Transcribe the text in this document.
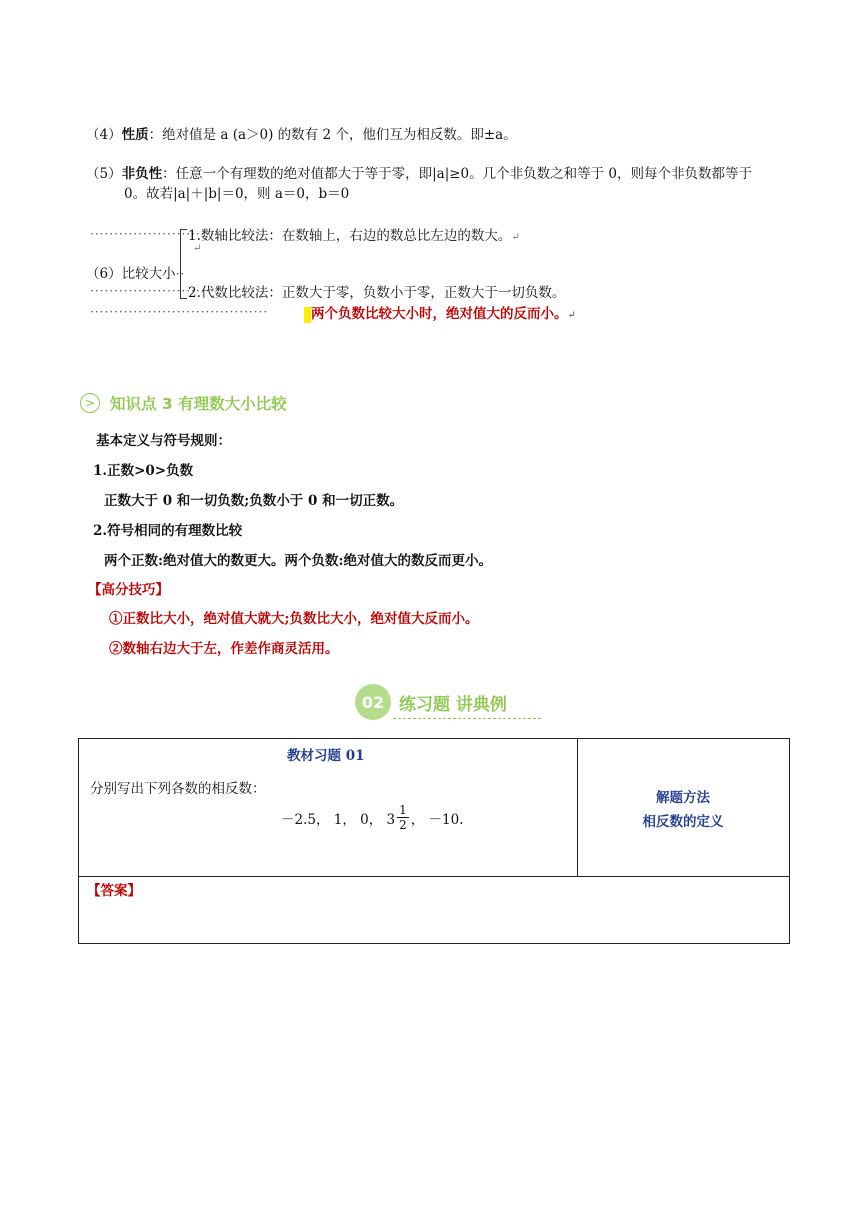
（4）性质：绝对值是 a (a＞0) 的数有 2 个，他们互为相反数。即±a。
（5）非负性：任意一个有理数的绝对值都大于等于零，即|a|≥0。几个非负数之和等于 0，则每个非负数都等于
0。故若|a|＋|b|＝0，则 a＝0，b＝0
··························
1.数轴比较法：在数轴上，右边的数总比左边的数大。↵
↵
（6）比较大小··
··························
2.代数比较法：正数大于零，负数小于零，正数大于一切负数。
·····································	两个负数比较大小时，绝对值大的反而小。↵
> 知识点 3 有理数大小比较
基本定义与符号规则：
1.正数>0>负数
正数大于 0 和一切负数;负数小于 0 和一切正数。
2.符号相同的有理数比较
两个正数:绝对值大的数更大。两个负数:绝对值大的数反而更小。
【高分技巧】
①正数比大小，绝对值大就大;负数比大小，绝对值大反而小。
②数轴右边大于左，作差作商灵活用。
02 练习题 讲典例
教材习题 01
分别写出下列各数的相反数：
－2.5， 1， 0， $3 \frac{1}{2}$ ， －10.
解题方法
相反数的定义
【答案】
